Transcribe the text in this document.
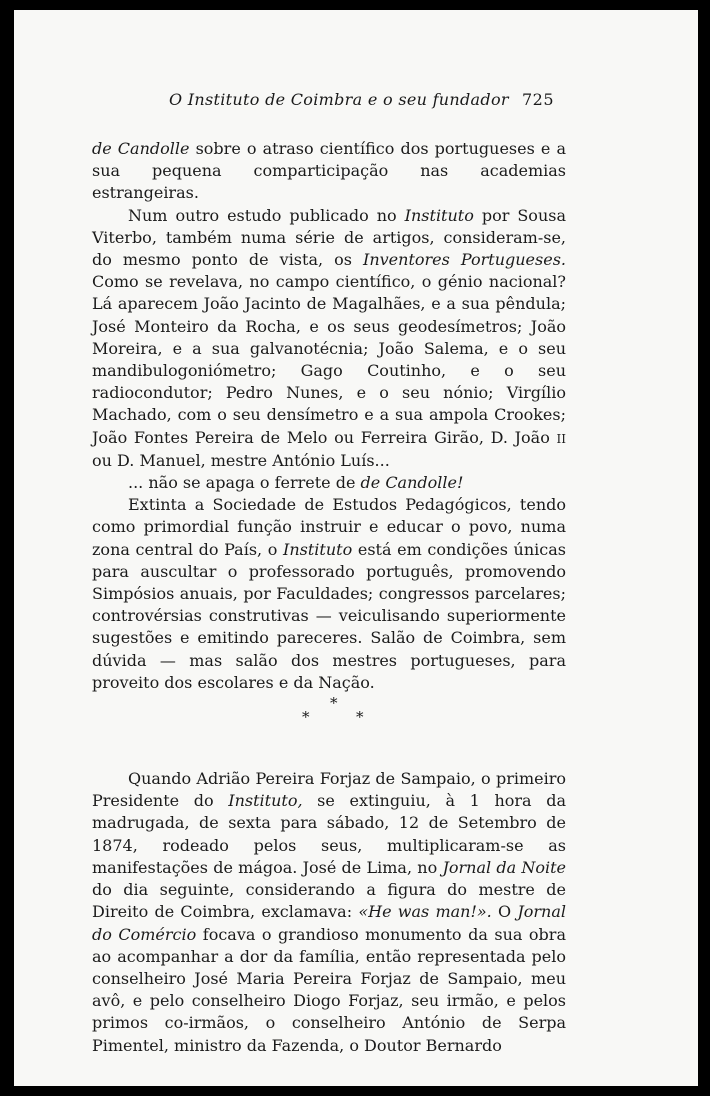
O Instituto de Coimbra e o seu fundador 725

de Candolle sobre o atraso científico dos portugueses e a sua pequena comparticipação nas academias estrangeiras.

Num outro estudo publicado no Instituto por Sousa Viterbo, também numa série de artigos, consideram-se, do mesmo ponto de vista, os Inventores Portugueses. Como se revelava, no campo científico, o génio nacional? Lá aparecem João Jacinto de Magalhães, e a sua pêndula; José Monteiro da Rocha, e os seus geodesímetros; João Moreira, e a sua galvanotécnia; João Salema, e o seu mandibulogoniómetro; Gago Coutinho, e o seu radiocondutor; Pedro Nunes, e o seu nónio; Virgílio Machado, com o seu densímetro e a sua ampola Crookes; João Fontes Pereira de Melo ou Ferreira Girão, D. João II ou D. Manuel, mestre António Luís...

... não se apaga o ferrete de de Candolle!

Extinta a Sociedade de Estudos Pedagógicos, tendo como primordial função instruir e educar o povo, numa zona central do País, o Instituto está em condições únicas para auscultar o professorado português, promovendo Simpósios anuais, por Faculdades; congressos parcelares; controvérsias construtivas — veiculisando superiormente sugestões e emitindo pareceres. Salão de Coimbra, sem dúvida — mas salão dos mestres portugueses, para proveito dos escolares e da Nação.

*
*	*

Quando Adrião Pereira Forjaz de Sampaio, o primeiro Presidente do Instituto, se extinguiu, à 1 hora da madrugada, de sexta para sábado, 12 de Setembro de 1874, rodeado pelos seus, multiplicaram-se as manifestações de mágoa. José de Lima, no Jornal da Noite do dia seguinte, considerando a figura do mestre de Direito de Coimbra, exclamava: «He was man!». O Jornal do Comércio focava o grandioso monumento da sua obra ao acompanhar a dor da família, então representada pelo conselheiro José Maria Pereira Forjaz de Sampaio, meu avô, e pelo conselheiro Diogo Forjaz, seu irmão, e pelos primos co-irmãos, o conselheiro António de Serpa Pimentel, ministro da Fazenda, o Doutor Bernardo
